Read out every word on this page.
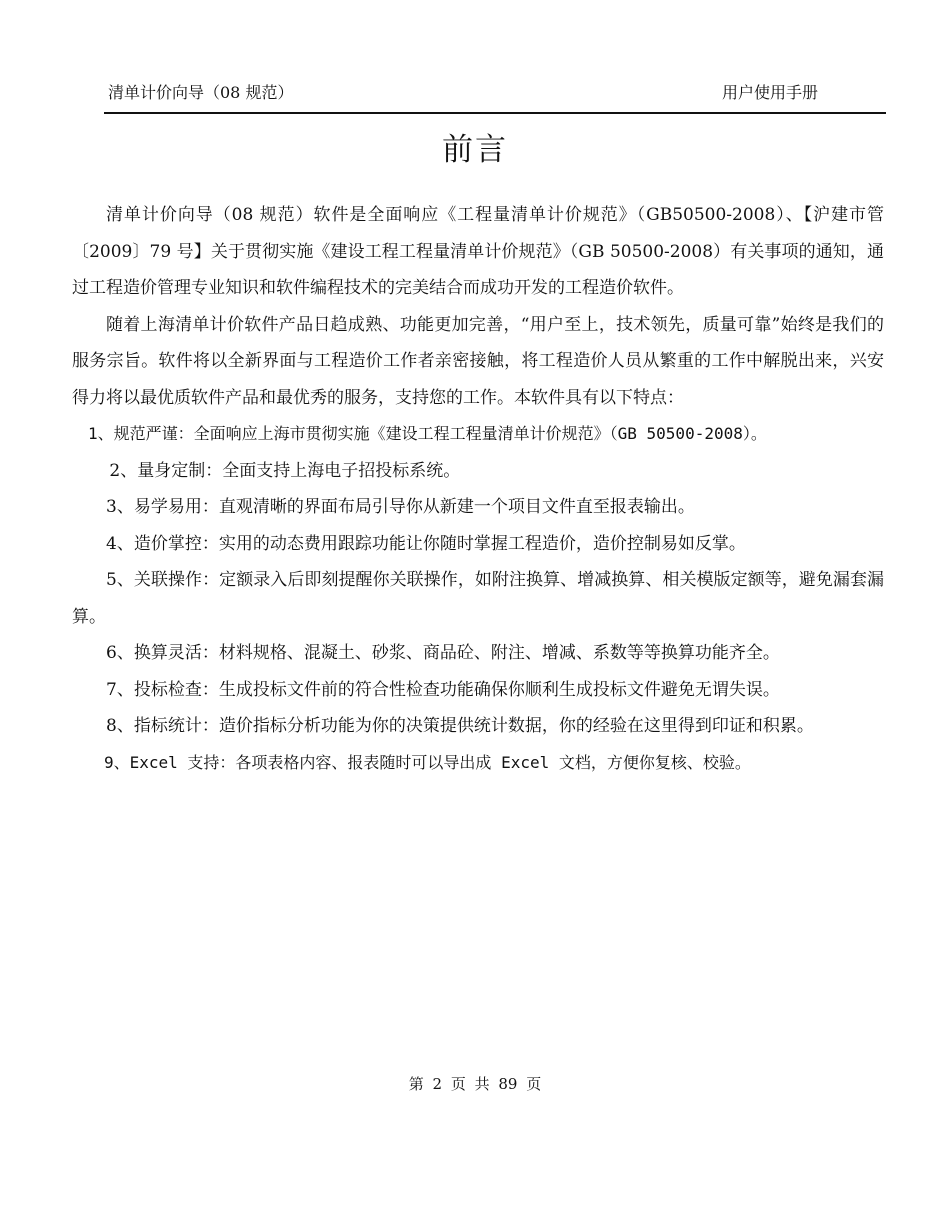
清单计价向导（08 规范）	用户使用手册
前言

清单计价向导（08 规范）软件是全面响应《工程量清单计价规范》（GB50500-2008）、【沪建市管〔2009〕79 号】关于贯彻实施《建设工程工程量清单计价规范》（GB 50500-2008）有关事项的通知，通过工程造价管理专业知识和软件编程技术的完美结合而成功开发的工程造价软件。

随着上海清单计价软件产品日趋成熟、功能更加完善，“用户至上，技术领先，质量可靠”始终是我们的服务宗旨。软件将以全新界面与工程造价工作者亲密接触，将工程造价人员从繁重的工作中解脱出来，兴安得力将以最优质软件产品和最优秀的服务，支持您的工作。本软件具有以下特点：

1、规范严谨：全面响应上海市贯彻实施《建设工程工程量清单计价规范》（GB 50500-2008）。

2、量身定制：全面支持上海电子招投标系统。

3、易学易用：直观清晰的界面布局引导你从新建一个项目文件直至报表输出。

4、造价掌控：实用的动态费用跟踪功能让你随时掌握工程造价，造价控制易如反掌。

5、关联操作：定额录入后即刻提醒你关联操作，如附注换算、增减换算、相关模版定额等，避免漏套漏算。

6、换算灵活：材料规格、混凝土、砂浆、商品砼、附注、增减、系数等等换算功能齐全。

7、投标检查：生成投标文件前的符合性检查功能确保你顺利生成投标文件避免无谓失误。

8、指标统计：造价指标分析功能为你的决策提供统计数据，你的经验在这里得到印证和积累。

9、Excel 支持：各项表格内容、报表随时可以导出成 Excel 文档，方便你复核、校验。

第 2 页 共 89 页
